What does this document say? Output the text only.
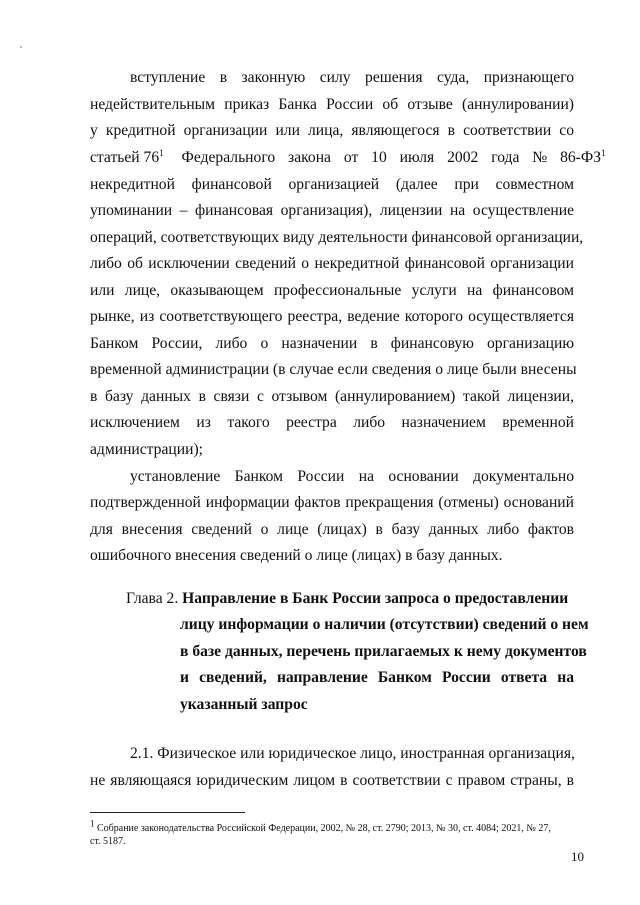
вступление в законную силу решения суда, признающего
недействительным приказ Банка России об отзыве (аннулировании)
у кредитной организации или лица, являющегося в соответствии со
статьей $76^1$ Федерального закона от 10 июля 2002 года № $86-ФЗ^1$
некредитной финансовой организацией (далее при совместном
упоминании – финансовая организация), лицензии на осуществление
операций, соответствующих виду деятельности финансовой организации,
либо об исключении сведений о некредитной финансовой организации
или лице, оказывающем профессиональные услуги на финансовом
рынке, из соответствующего реестра, ведение которого осуществляется
Банком России, либо о назначении в финансовую организацию
временной администрации (в случае если сведения о лице были внесены
в базу данных в связи с отзывом (аннулированием) такой лицензии,
исключением из такого реестра либо назначением временной
администрации);
установление Банком России на основании документально
подтвержденной информации фактов прекращения (отмены) оснований
для внесения сведений о лице (лицах) в базу данных либо фактов
ошибочного внесения сведений о лице (лицах) в базу данных.
Глава 2. Направление в Банк России запроса о предоставлении
лицу информации о наличии (отсутствии) сведений о нем
в базе данных, перечень прилагаемых к нему документов
и сведений, направление Банком России ответа на
указанный запрос
2.1. Физическое или юридическое лицо, иностранная организация,
не являющаяся юридическим лицом в соответствии с правом страны, в
$^1$ Собрание законодательства Российской Федерации, 2002, № 28, ст. 2790; 2013, № 30, ст. 4084; 2021, № 27,
ст. 5187.
10
